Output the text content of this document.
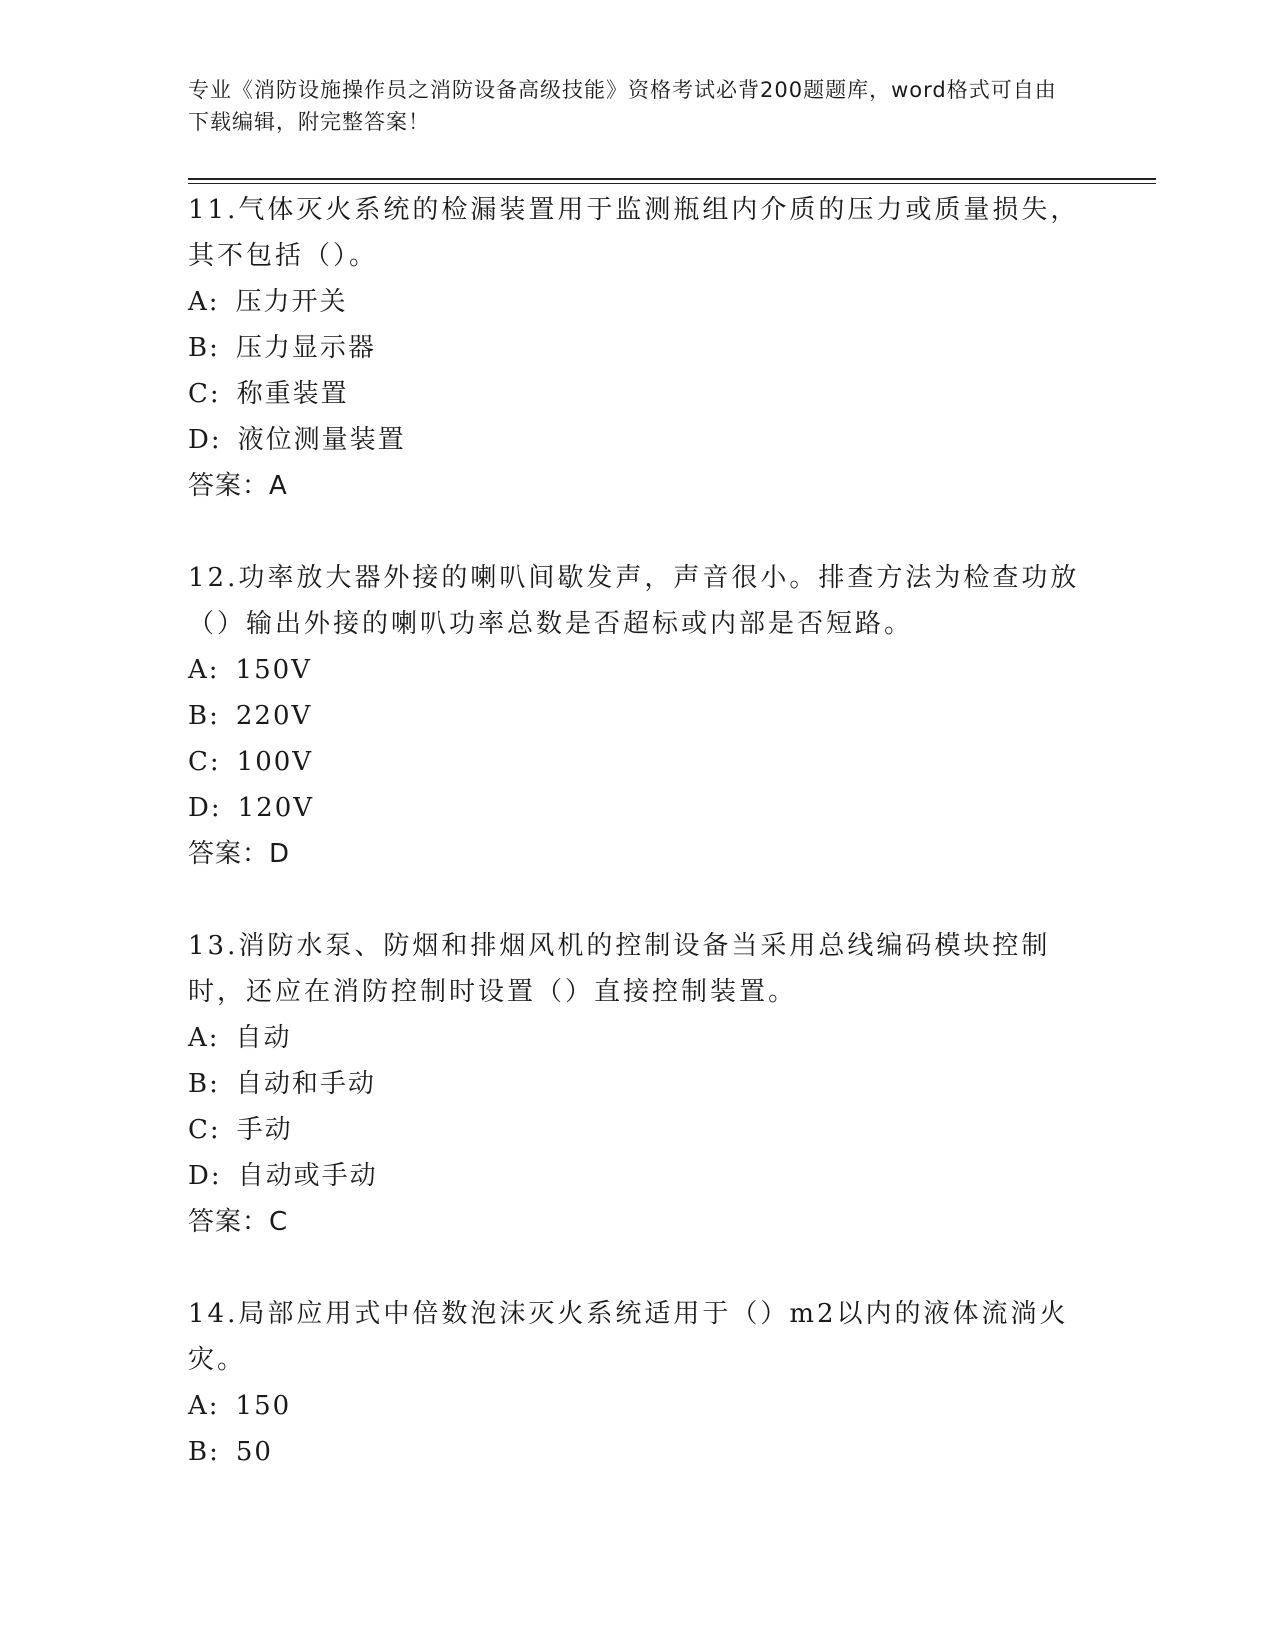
专业《消防设施操作员之消防设备高级技能》资格考试必背200题题库，word格式可自由下载编辑，附完整答案！

11.气体灭火系统的检漏装置用于监测瓶组内介质的压力或质量损失，其不包括（）。

A: 压力开关

B: 压力显示器

C: 称重装置

D: 液位测量装置

答案：A

12.功率放大器外接的喇叭间歇发声，声音很小。排查方法为检查功放（）输出外接的喇叭功率总数是否超标或内部是否短路。

A: 150V

B: 220V

C: 100V

D: 120V

答案：D

13.消防水泵、防烟和排烟风机的控制设备当采用总线编码模块控制时，还应在消防控制时设置（）直接控制装置。

A: 自动

B: 自动和手动

C: 手动

D: 自动或手动

答案：C

14.局部应用式中倍数泡沫灭火系统适用于（）m2以内的液体流淌火灾。

A: 150

B: 50
